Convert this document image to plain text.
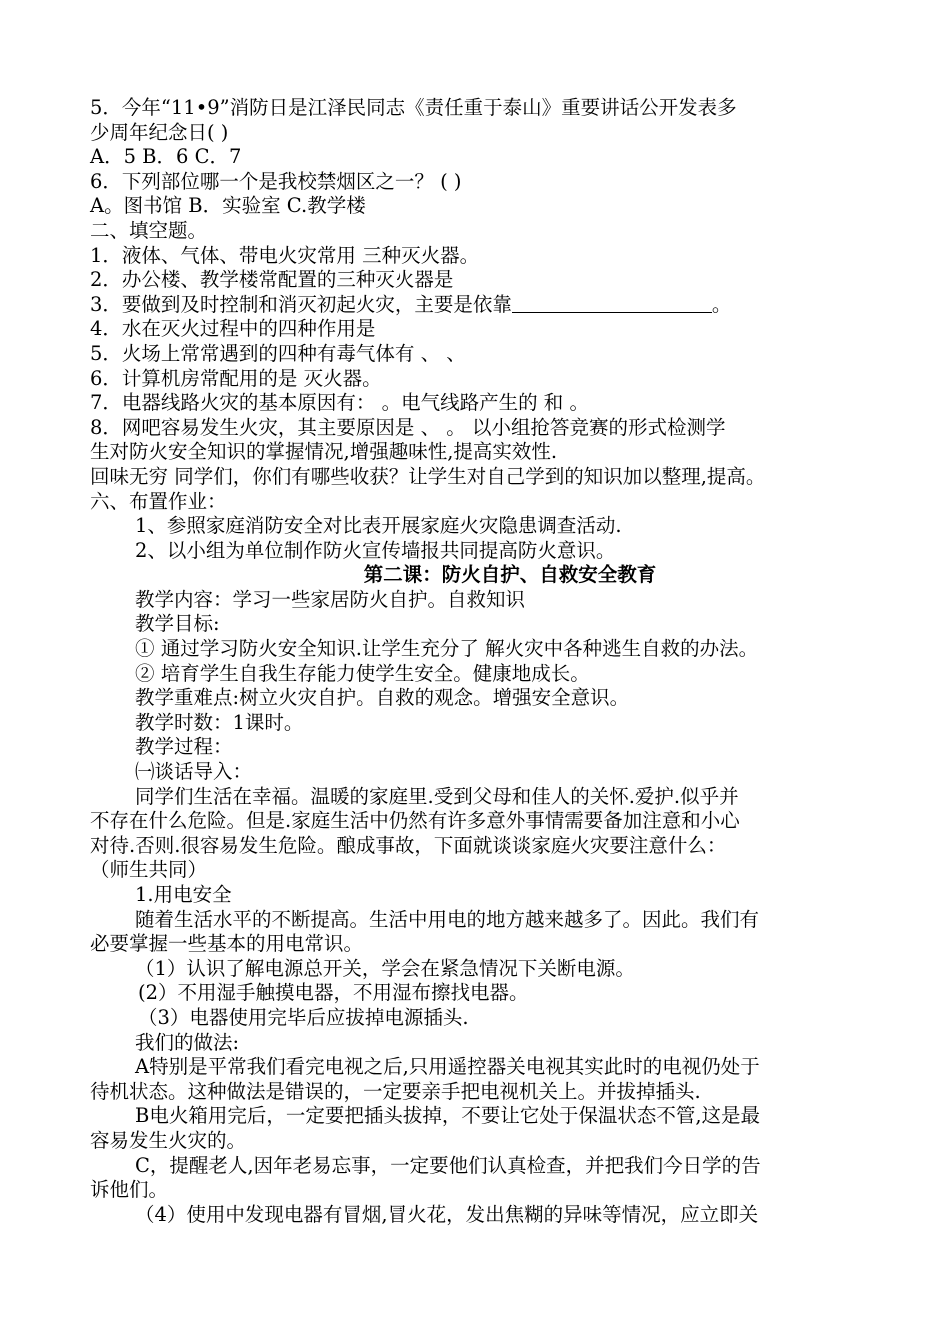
5．今年“11•9”消防日是江泽民同志《责任重于泰山》重要讲话公开发表多
少周年纪念日( )
A．5 B．6 C．7
6．下列部位哪一个是我校禁烟区之一？ ( )
A。图书馆 B．实验室 C.教学楼
二、填空题。
1．液体、气体、带电火灾常用 三种灭火器。
2．办公楼、教学楼常配置的三种灭火器是
3．要做到及时控制和消灭初起火灾，主要是依靠	。
4．水在灭火过程中的四种作用是
5．火场上常常遇到的四种有毒气体有 、 、
6．计算机房常配用的是 灭火器。
7．电器线路火灾的基本原因有： 。电气线路产生的 和 。
8．网吧容易发生火灾，其主要原因是 、 。 以小组抢答竞赛的形式检测学
生对防火安全知识的掌握情况,增强趣味性,提高实效性.
回味无穷 同学们，你们有哪些收获？让学生对自己学到的知识加以整理,提高。
六、布置作业：
1、参照家庭消防安全对比表开展家庭火灾隐患调查活动.
2、以小组为单位制作防火宣传墙报共同提高防火意识。
第二课：防火自护、自救安全教育
教学内容：学习一些家居防火自护。自救知识
教学目标:
① 通过学习防火安全知识.让学生充分了 解火灾中各种逃生自救的办法。
② 培育学生自我生存能力使学生安全。健康地成长。
教学重难点:树立火灾自护。自救的观念。增强安全意识。
教学时数：1课时。
教学过程：
㈠谈话导入：
同学们生活在幸福。温暖的家庭里.受到父母和佳人的关怀.爱护.似乎并
不存在什么危险。但是.家庭生活中仍然有许多意外事情需要备加注意和小心
对待.否则.很容易发生危险。酿成事故，下面就谈谈家庭火灾要注意什么：
（师生共同）
1.用电安全
随着生活水平的不断提高。生活中用电的地方越来越多了。因此。我们有
必要掌握一些基本的用电常识。
（1）认识了解电源总开关，学会在紧急情况下关断电源。
(2）不用湿手触摸电器，不用湿布擦找电器。
（3）电器使用完毕后应拔掉电源插头.
我们的做法:
A特别是平常我们看完电视之后,只用遥控器关电视其实此时的电视仍处于
待机状态。这种做法是错误的，一定要亲手把电视机关上。并拔掉插头.
B电火箱用完后，一定要把插头拔掉，不要让它处于保温状态不管,这是最
容易发生火灾的。
C，提醒老人,因年老易忘事，一定要他们认真检查，并把我们今日学的告
诉他们。
（4）使用中发现电器有冒烟,冒火花，发出焦糊的异味等情况，应立即关
